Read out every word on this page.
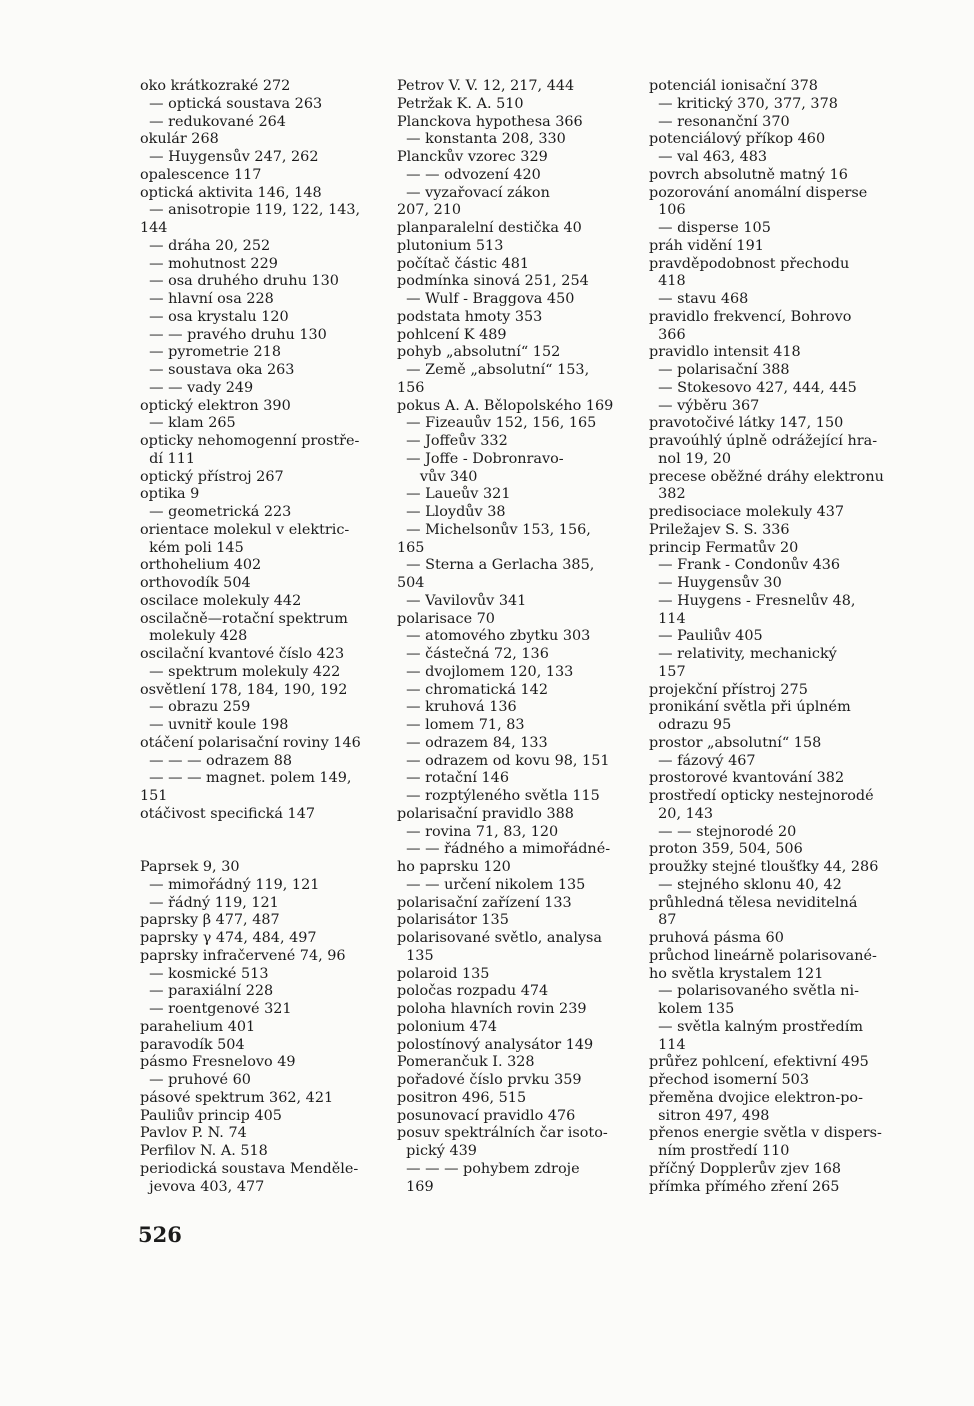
oko krátkozraké 272
— optická soustava 263
— redukované 264
okulár 268
— Huygensův 247, 262
opalescence 117
optická aktivita 146, 148
— anisotropie 119, 122, 143,
144
— dráha 20, 252
— mohutnost 229
— osa druhého druhu 130
— hlavní osa 228
— osa krystalu 120
— — pravého druhu 130
— pyrometrie 218
— soustava oka 263
— — vady 249
optický elektron 390
— klam 265
opticky nehomogenní prostře-
dí 111
optický přístroj 267
optika 9
— geometrická 223
orientace molekul v elektric-
kém poli 145
orthohelium 402
orthovodík 504
oscilace molekuly 442
oscilačně—rotační spektrum
molekuly 428
oscilační kvantové číslo 423
— spektrum molekuly 422
osvětlení 178, 184, 190, 192
— obrazu 259
— uvnitř koule 198
otáčení polarisační roviny 146
— — — odrazem 88
— — — magnet. polem 149,
151
otáčivost specifická 147
Paprsek 9, 30
— mimořádný 119, 121
— řádný 119, 121
paprsky β 477, 487
paprsky γ 474, 484, 497
paprsky infračervené 74, 96
— kosmické 513
— paraxiální 228
— roentgenové 321
parahelium 401
paravodík 504
pásmo Fresnelovo 49
— pruhové 60
pásové spektrum 362, 421
Pauliův princip 405
Pavlov P. N. 74
Perfilov N. A. 518
periodická soustava Menděle-
jevova 403, 477
Petrov V. V. 12, 217, 444
Petržak K. A. 510
Planckova hypothesa 366
— konstanta 208, 330
Planckův vzorec 329
— — odvození 420
— vyzařovací zákon
207, 210
planparalelní destička 40
plutonium 513
počítač částic 481
podmínka sinová 251, 254
— Wulf - Braggova 450
podstata hmoty 353
pohlcení K 489
pohyb „absolutní“ 152
— Země „absolutní“ 153,
156
pokus A. A. Bělopolského 169
— Fizeauův 152, 156, 165
— Joffeův 332
— Joffe - Dobronravo-
vův 340
— Laueův 321
— Lloydův 38
— Michelsonův 153, 156,
165
— Sterna a Gerlacha 385,
504
— Vavilovův 341
polarisace 70
— atomového zbytku 303
— částečná 72, 136
— dvojlomem 120, 133
— chromatická 142
— kruhová 136
— lomem 71, 83
— odrazem 84, 133
— odrazem od kovu 98, 151
— rotační 146
— rozptýleného světla 115
polarisační pravidlo 388
— rovina 71, 83, 120
— — řádného a mimořádné-
ho paprsku 120
— — určení nikolem 135
polarisační zařízení 133
polarisátor 135
polarisované světlo, analysa
135
polaroid 135
poločas rozpadu 474
poloha hlavních rovin 239
polonium 474
polostínový analysátor 149
Pomerančuk I. 328
pořadové číslo prvku 359
positron 496, 515
posunovací pravidlo 476
posuv spektrálních čar isoto-
pický 439
— — — pohybem zdroje
169
potenciál ionisační 378
— kritický 370, 377, 378
— resonanční 370
potenciálový příkop 460
— val 463, 483
povrch absolutně matný 16
pozorování anomální disperse
106
— disperse 105
práh vidění 191
pravděpodobnost přechodu
418
— stavu 468
pravidlo frekvencí, Bohrovo
366
pravidlo intensit 418
— polarisační 388
— Stokesovo 427, 444, 445
— výběru 367
pravotočivé látky 147, 150
pravoúhlý úplně odrážející hra-
nol 19, 20
precese oběžné dráhy elektronu
382
predisociace molekuly 437
Priležajev S. S. 336
princip Fermatův 20
— Frank - Condonův 436
— Huygensův 30
— Huygens - Fresnelův 48,
114
— Pauliův 405
— relativity, mechanický
157
projekční přístroj 275
pronikání světla při úplném
odrazu 95
prostor „absolutní“ 158
— fázový 467
prostorové kvantování 382
prostředí opticky nestejnorodé
20, 143
— — stejnorodé 20
proton 359, 504, 506
proužky stejné tloušťky 44, 286
— stejného sklonu 40, 42
průhledná tělesa neviditelná
87
pruhová pásma 60
průchod lineárně polarisované-
ho světla krystalem 121
— polarisovaného světla ni-
kolem 135
— světla kalným prostředím
114
průřez pohlcení, efektivní 495
přechod isomerní 503
přeměna dvojice elektron-po-
sitron 497, 498
přenos energie světla v dispers-
ním prostředí 110
příčný Dopplerův zjev 168
přímka přímého zření 265
526
